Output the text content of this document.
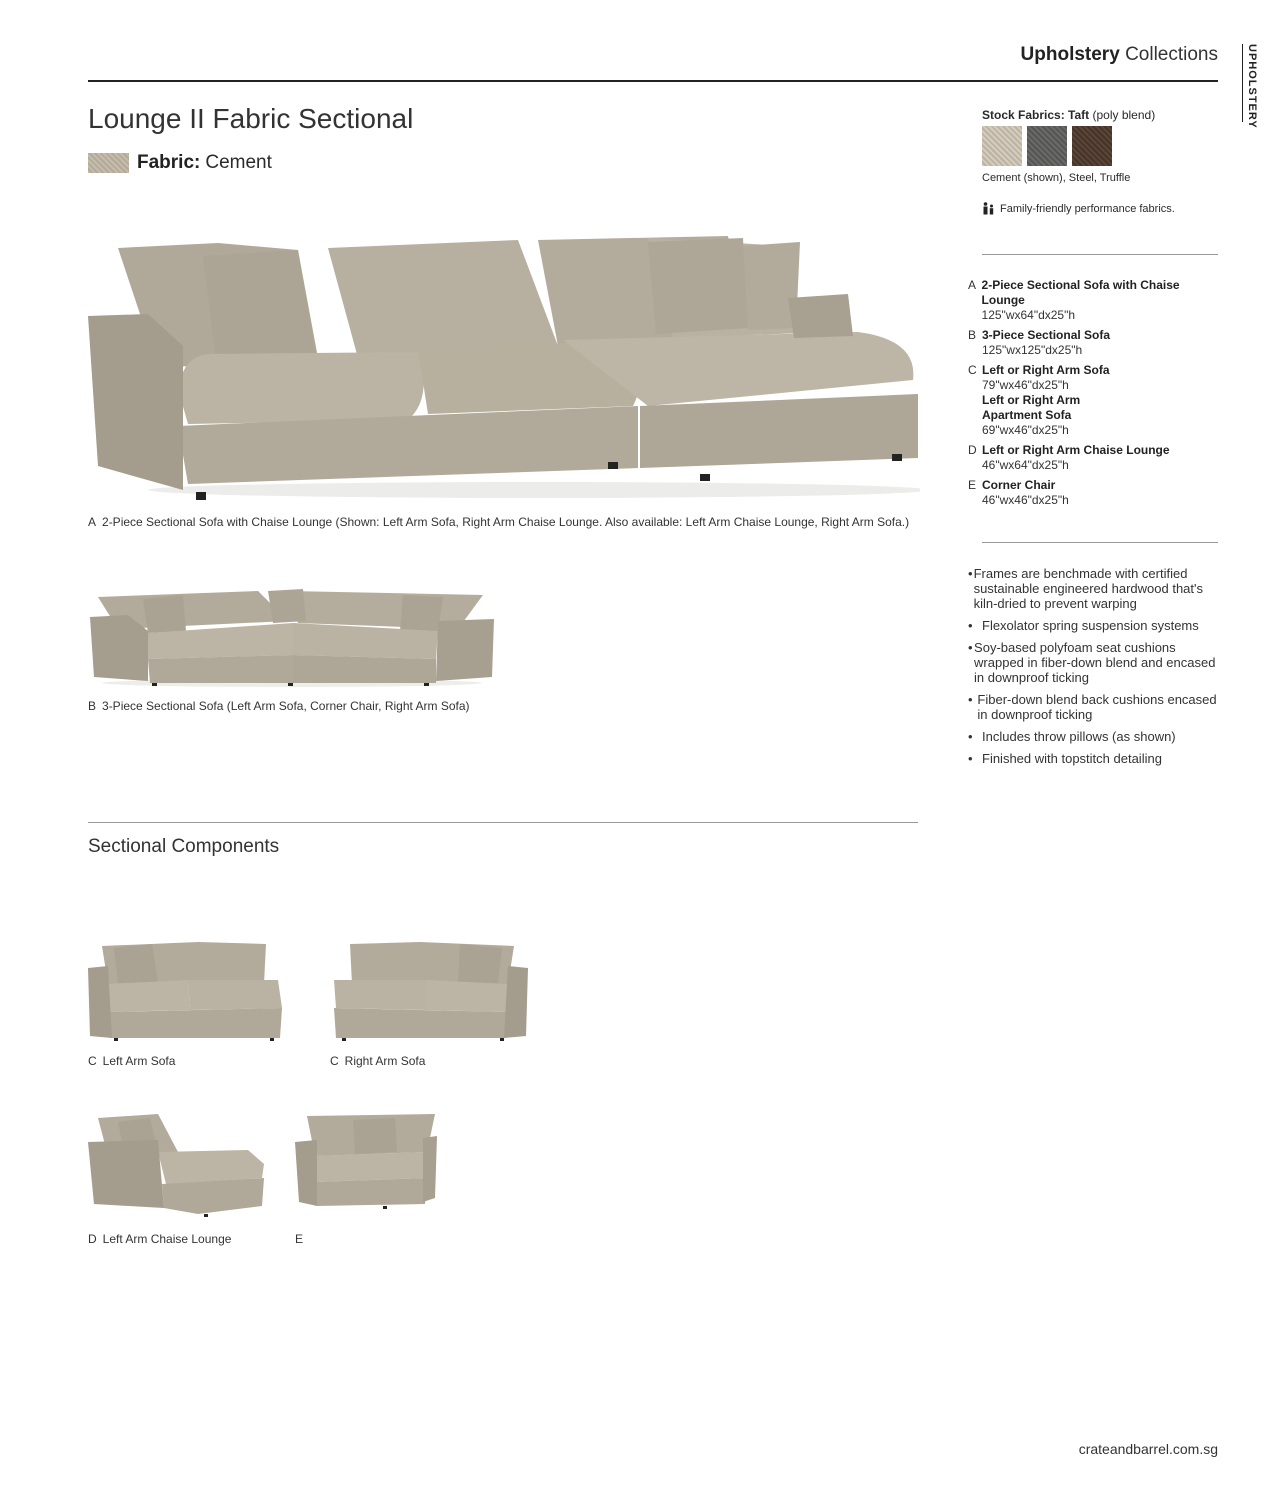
Upholstery Collections	UPHOLSTERY
Lounge II Fabric Sectional
Fabric: Cement
A 2-Piece Sectional Sofa with Chaise Lounge (Shown: Left Arm Sofa, Right Arm Chaise Lounge. Also available: Left Arm Chaise Lounge, Right Arm Sofa.)
B 3-Piece Sectional Sofa (Left Arm Sofa, Corner Chair, Right Arm Sofa)
Sectional Components
C Left Arm Sofa	C Right Arm Sofa
D Left Arm Chaise Lounge	E
Stock Fabrics: Taft (poly blend)
Cement (shown), Steel, Truffle
Family-friendly performance fabrics.
A 2-Piece Sectional Sofa with Chaise Lounge
125"wx64"dx25"h
B 3-Piece Sectional Sofa
125"wx125"dx25"h
C Left or Right Arm Sofa
79"wx46"dx25"h
Left or Right Arm Apartment Sofa
69"wx46"dx25"h
D Left or Right Arm Chaise Lounge
46"wx64"dx25"h
E Corner Chair
46"wx46"dx25"h
• Frames are benchmade with certified sustainable engineered hardwood that's kiln-dried to prevent warping
• Flexolator spring suspension systems
• Soy-based polyfoam seat cushions wrapped in fiber-down blend and encased in downproof ticking
• Fiber-down blend back cushions encased in downproof ticking
• Includes throw pillows (as shown)
• Finished with topstitch detailing
crateandbarrel.com.sg
